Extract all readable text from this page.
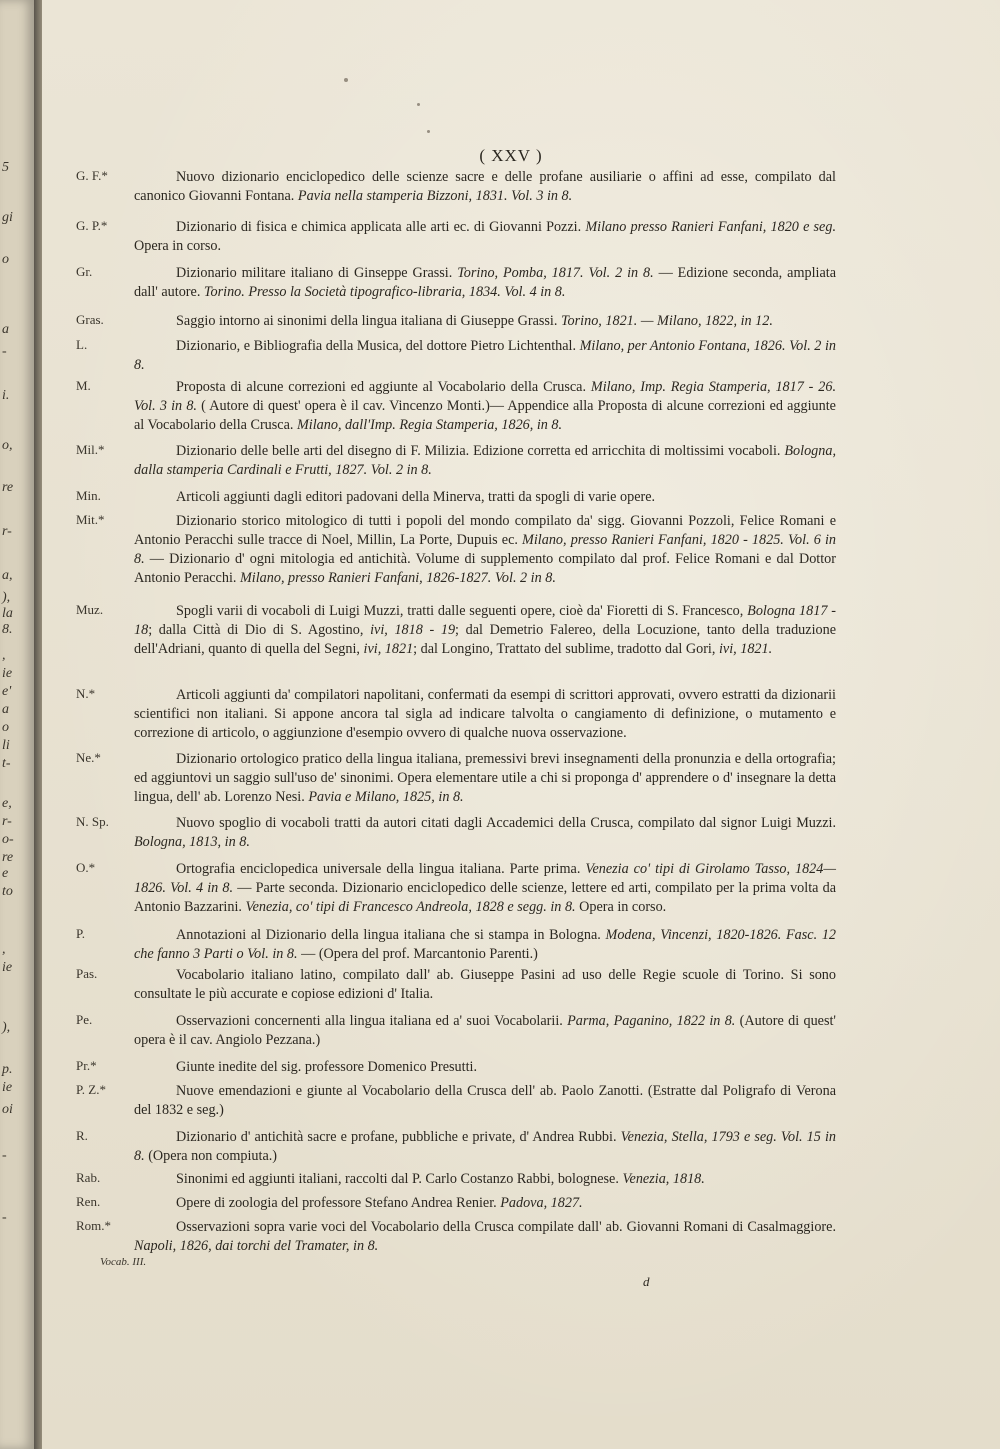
5
gi
o
a
-
i.
o,
re
r-
a,
),
la
8.
,
ie
e'
a
o
li
t-
e,
r-
o-
re
e
to
,
ie
),
p.
ie
-
oi
-
( XXV )
G. F.*	Nuovo dizionario enciclopedico delle scienze sacre e delle profane ausiliarie o affini ad esse, compilato dal canonico Giovanni Fontana. Pavia nella stamperia Bizzoni, 1831. Vol. 3 in 8.
G. P.*	Dizionario di fisica e chimica applicata alle arti ec. di Giovanni Pozzi. Milano presso Ranieri Fanfani, 1820 e seg. Opera in corso.
Gr.	Dizionario militare italiano di Ginseppe Grassi. Torino, Pomba, 1817. Vol. 2 in 8. — Edizione seconda, ampliata dall' autore. Torino. Presso la Società tipografico-libraria, 1834. Vol. 4 in 8.
Gras.	Saggio intorno ai sinonimi della lingua italiana di Giuseppe Grassi. Torino, 1821. — Milano, 1822, in 12.
L.	Dizionario, e Bibliografia della Musica, del dottore Pietro Lichtenthal. Milano, per Antonio Fontana, 1826. Vol. 2 in 8.
M.	Proposta di alcune correzioni ed aggiunte al Vocabolario della Crusca. Milano, Imp. Regia Stamperia, 1817 - 26. Vol. 3 in 8. ( Autore di quest' opera è il cav. Vincenzo Monti.)— Appendice alla Proposta di alcune correzioni ed aggiunte al Vocabolario della Crusca. Milano, dall'Imp. Regia Stamperia, 1826, in 8.
Mil.*	Dizionario delle belle arti del disegno di F. Milizia. Edizione corretta ed arricchita di moltissimi vocaboli. Bologna, dalla stamperia Cardinali e Frutti, 1827. Vol. 2 in 8.
Min.	Articoli aggiunti dagli editori padovani della Minerva, tratti da spogli di varie opere.
Mit.*	Dizionario storico mitologico di tutti i popoli del mondo compilato da' sigg. Giovanni Pozzoli, Felice Romani e Antonio Peracchi sulle tracce di Noel, Millin, La Porte, Dupuis ec. Milano, presso Ranieri Fanfani, 1820 - 1825. Vol. 6 in 8. — Dizionario d' ogni mitologia ed antichità. Volume di supplemento compilato dal prof. Felice Romani e dal Dottor Antonio Peracchi. Milano, presso Ranieri Fanfani, 1826-1827. Vol. 2 in 8.
Muz.	Spogli varii di vocaboli di Luigi Muzzi, tratti dalle seguenti opere, cioè da' Fioretti di S. Francesco, Bologna 1817 - 18; dalla Città di Dio di S. Agostino, ivi, 1818 - 19; dal Demetrio Falereo, della Locuzione, tanto della traduzione dell'Adriani, quanto di quella del Segni, ivi, 1821; dal Longino, Trattato del sublime, tradotto dal Gori, ivi, 1821.
N.*	Articoli aggiunti da' compilatori napolitani, confermati da esempi di scrittori approvati, ovvero estratti da dizionarii scientifici non italiani. Si appone ancora tal sigla ad indicare talvolta o cangiamento di definizione, o mutamento e correzione di articolo, o aggiunzione d'esempio ovvero di qualche nuova osservazione.
Ne.*	Dizionario ortologico pratico della lingua italiana, premessivi brevi insegnamenti della pronunzia e della ortografia; ed aggiuntovi un saggio sull'uso de' sinonimi. Opera elementare utile a chi si proponga d' apprendere o d' insegnare la detta lingua, dell' ab. Lorenzo Nesi. Pavia e Milano, 1825, in 8.
N. Sp.	Nuovo spoglio di vocaboli tratti da autori citati dagli Accademici della Crusca, compilato dal signor Luigi Muzzi. Bologna, 1813, in 8.
O.*	Ortografia enciclopedica universale della lingua italiana. Parte prima. Venezia co' tipi di Girolamo Tasso, 1824—1826. Vol. 4 in 8. — Parte seconda. Dizionario enciclopedico delle scienze, lettere ed arti, compilato per la prima volta da Antonio Bazzarini. Venezia, co' tipi di Francesco Andreola, 1828 e segg. in 8. Opera in corso.
P.	Annotazioni al Dizionario della lingua italiana che si stampa in Bologna. Modena, Vincenzi, 1820-1826. Fasc. 12 che fanno 3 Parti o Vol. in 8. — (Opera del prof. Marcantonio Parenti.)
Pas.	Vocabolario italiano latino, compilato dall' ab. Giuseppe Pasini ad uso delle Regie scuole di Torino. Si sono consultate le più accurate e copiose edizioni d' Italia.
Pe.	Osservazioni concernenti alla lingua italiana ed a' suoi Vocabolarii. Parma, Paganino, 1822 in 8. (Autore di quest' opera è il cav. Angiolo Pezzana.)
Pr.*	Giunte inedite del sig. professore Domenico Presutti.
P. Z.*	Nuove emendazioni e giunte al Vocabolario della Crusca dell' ab. Paolo Zanotti. (Estratte dal Poligrafo di Verona del 1832 e seg.)
R.	Dizionario d' antichità sacre e profane, pubbliche e private, d' Andrea Rubbi. Venezia, Stella, 1793 e seg. Vol. 15 in 8. (Opera non compiuta.)
Rab.	Sinonimi ed aggiunti italiani, raccolti dal P. Carlo Costanzo Rabbi, bolognese. Venezia, 1818.
Ren.	Opere di zoologia del professore Stefano Andrea Renier. Padova, 1827.
Rom.*	Osservazioni sopra varie voci del Vocabolario della Crusca compilate dall' ab. Giovanni Romani di Casalmaggiore. Napoli, 1826, dai torchi del Tramater, in 8.
Vocab. III.
d
